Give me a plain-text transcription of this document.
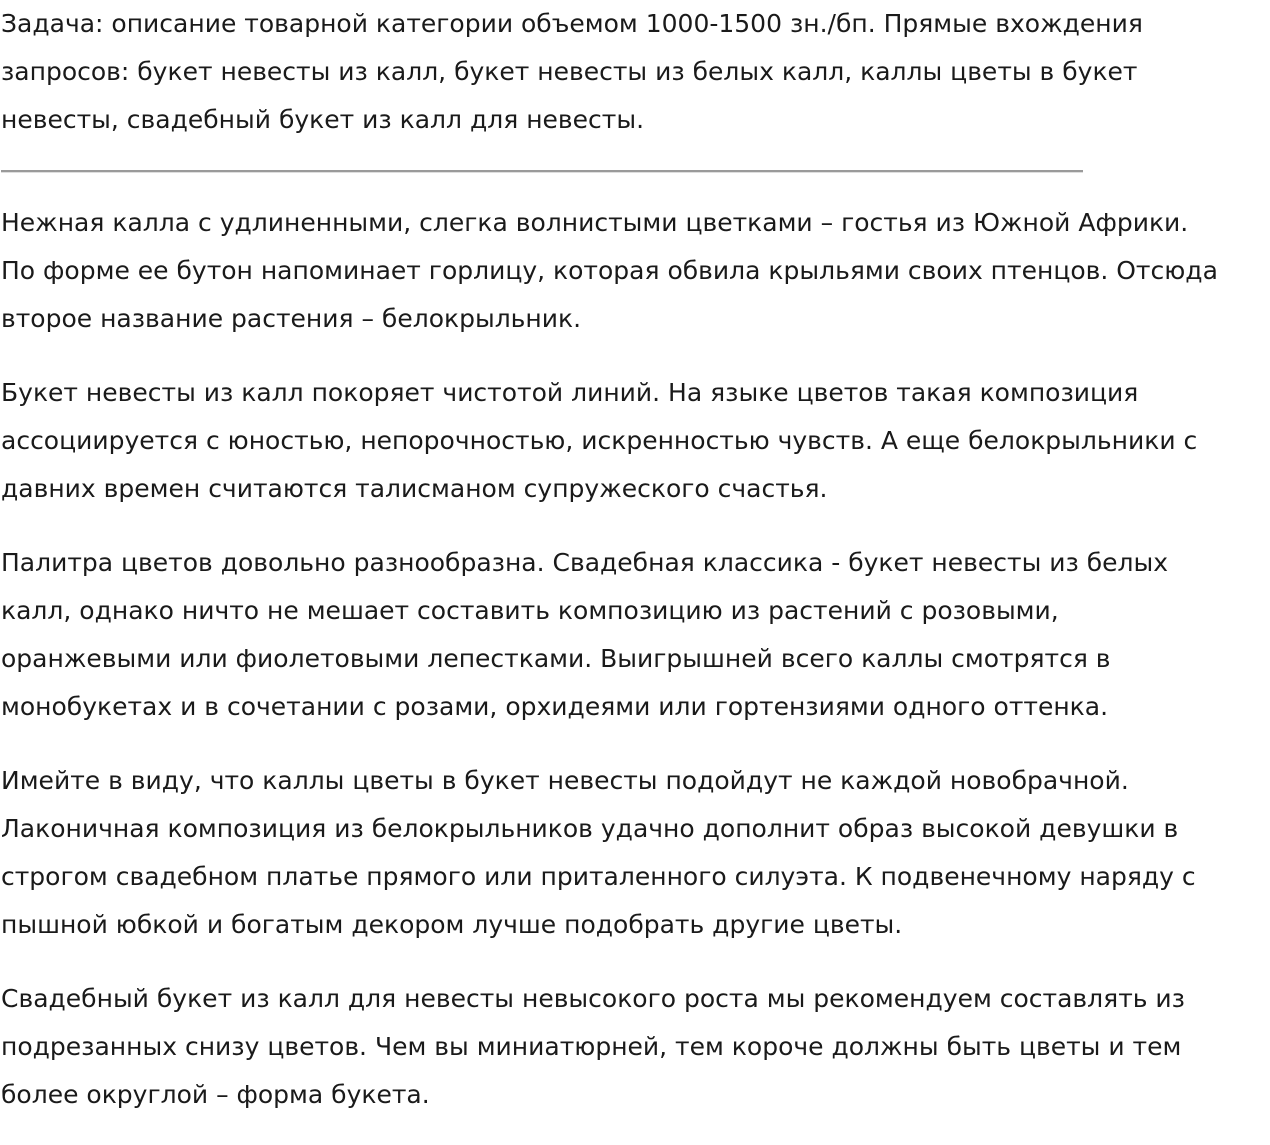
Задача: описание товарной категории объемом 1000-1500 зн./бп. Прямые вхождения
запросов: букет невесты из калл, букет невесты из белых калл, каллы цветы в букет
невесты, свадебный букет из калл для невесты.
Нежная калла с удлиненными, слегка волнистыми цветками – гостья из Южной Африки.
По форме ее бутон напоминает горлицу, которая обвила крыльями своих птенцов. Отсюда
второе название растения – белокрыльник.
Букет невесты из калл покоряет чистотой линий. На языке цветов такая композиция
ассоциируется с юностью, непорочностью, искренностью чувств. А еще белокрыльники с
давних времен считаются талисманом супружеского счастья.
Палитра цветов довольно разнообразна. Свадебная классика - букет невесты из белых
калл, однако ничто не мешает составить композицию из растений с розовыми,
оранжевыми или фиолетовыми лепестками. Выигрышней всего каллы смотрятся в
монобукетах и в сочетании с розами, орхидеями или гортензиями одного оттенка.
Имейте в виду, что каллы цветы в букет невесты подойдут не каждой новобрачной.
Лаконичная композиция из белокрыльников удачно дополнит образ высокой девушки в
строгом свадебном платье прямого или приталенного силуэта. К подвенечному наряду с
пышной юбкой и богатым декором лучше подобрать другие цветы.
Свадебный букет из калл для невесты невысокого роста мы рекомендуем составлять из
подрезанных снизу цветов. Чем вы миниатюрней, тем короче должны быть цветы и тем
более округлой – форма букета.
